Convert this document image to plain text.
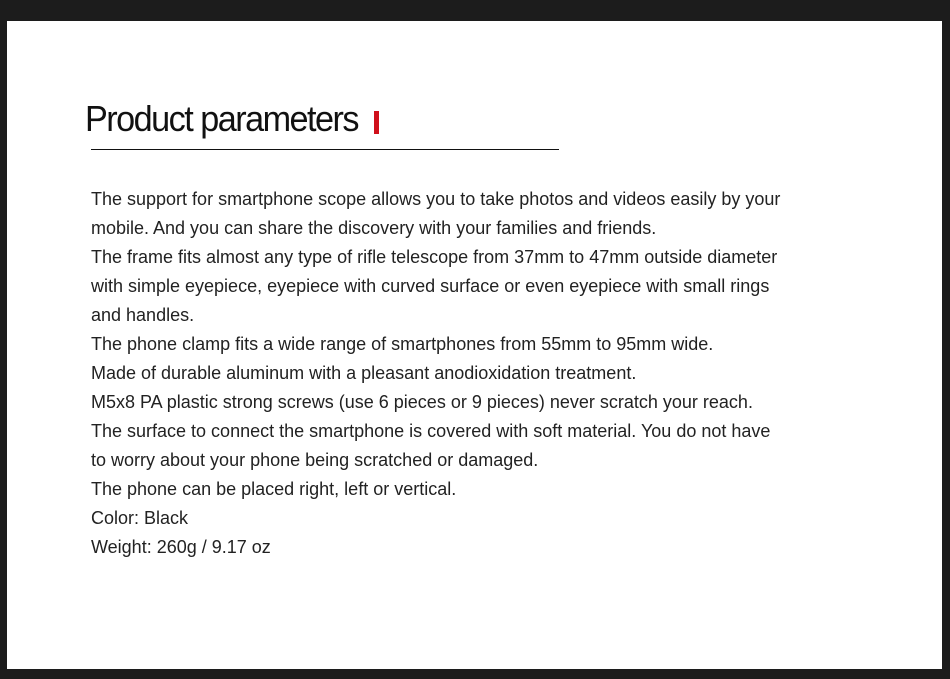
Product parameters

The support for smartphone scope allows you to take photos and videos easily by your

mobile. And you can share the discovery with your families and friends.

The frame fits almost any type of rifle telescope from 37mm to 47mm outside diameter

with simple eyepiece, eyepiece with curved surface or even eyepiece with small rings

and handles.

The phone clamp fits a wide range of smartphones from 55mm to 95mm wide.

Made of durable aluminum with a pleasant anodioxidation treatment.

M5x8 PA plastic strong screws (use 6 pieces or 9 pieces) never scratch your reach.

The surface to connect the smartphone is covered with soft material. You do not have

to worry about your phone being scratched or damaged.

The phone can be placed right, left or vertical.

Color: Black

Weight: 260g / 9.17 oz
